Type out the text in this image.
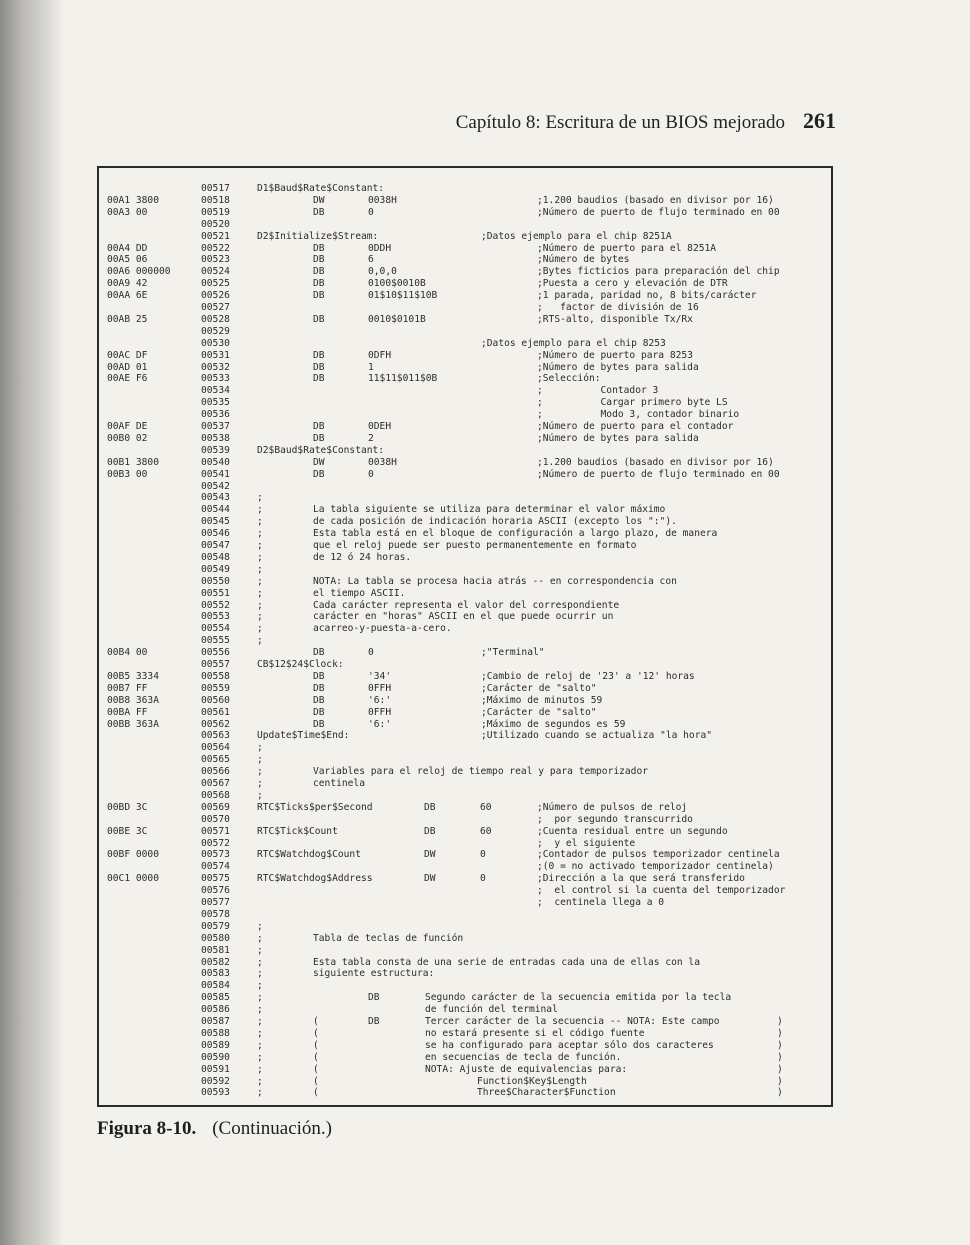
Capítulo 8: Escritura de un BIOS mejorado 261
00517	D1$Baud$Rate$Constant:
00A1 3800	00518	DW	0038H	;1.200 baudios (basado en divisor por 16)
00A3 00	00519	DB	0	;Número de puerto de flujo terminado en 00
00520
00521	D2$Initialize$Stream:	;Datos ejemplo para el chip 8251A
00A4 DD	00522	DB	0DDH	;Número de puerto para el 8251A
00A5 06	00523	DB	6	;Número de bytes
00A6 000000	00524	DB	0,0,0	;Bytes ficticios para preparación del chip
00A9 42	00525	DB	0100$0010B	;Puesta a cero y elevación de DTR
00AA 6E	00526	DB	01$10$11$10B	;1 parada, paridad no, 8 bits/carácter
00527	;   factor de división de 16
00AB 25	00528	DB	0010$0101B	;RTS-alto, disponible Tx/Rx
00529
00530	;Datos ejemplo para el chip 8253
00AC DF	00531	DB	0DFH	;Número de puerto para 8253
00AD 01	00532	DB	1	;Número de bytes para salida
00AE F6	00533	DB	11$11$011$0B	;Selección:
00534	;          Contador 3
00535	;          Cargar primero byte LS
00536	;          Modo 3, contador binario
00AF DE	00537	DB	0DEH	;Número de puerto para el contador
00B0 02	00538	DB	2	;Número de bytes para salida
00539	D2$Baud$Rate$Constant:
00B1 3800	00540	DW	0038H	;1.200 baudios (basado en divisor por 16)
00B3 00	00541	DB	0	;Número de puerto de flujo terminado en 00
00542
00543	;
00544	;	La tabla siguiente se utiliza para determinar el valor máximo
00545	;	de cada posición de indicación horaria ASCII (excepto los ":").
00546	;	Esta tabla está en el bloque de configuración a largo plazo, de manera
00547	;	que el reloj puede ser puesto permanentemente en formato
00548	;	de 12 ó 24 horas.
00549	;
00550	;	NOTA: La tabla se procesa hacia atrás -- en correspondencia con
00551	;	el tiempo ASCII.
00552	;	Cada carácter representa el valor del correspondiente
00553	;	carácter en "horas" ASCII en el que puede ocurrir un
00554	;	acarreo-y-puesta-a-cero.
00555	;
00B4 00	00556	DB	0	;"Terminal"
00557	CB$12$24$Clock:
00B5 3334	00558	DB	'34'	;Cambio de reloj de '23' a '12' horas
00B7 FF	00559	DB	0FFH	;Carácter de "salto"
00B8 363A	00560	DB	'6:'	;Máximo de minutos 59
00BA FF	00561	DB	0FFH	;Carácter de "salto"
00BB 363A	00562	DB	'6:'	;Máximo de segundos es 59
00563	Update$Time$End:	;Utilizado cuando se actualiza "la hora"
00564	;
00565	;
00566	;	Variables para el reloj de tiempo real y para temporizador
00567	;	centinela
00568	;
00BD 3C	00569	RTC$Ticks$per$Second	DB	60	;Número de pulsos de reloj
00570	;  por segundo transcurrido
00BE 3C	00571	RTC$Tick$Count	DB	60	;Cuenta residual entre un segundo
00572	;  y el siguiente
00BF 0000	00573	RTC$Watchdog$Count	DW	0	;Contador de pulsos temporizador centinela
00574	;(0 = no activado temporizador centinela)
00C1 0000	00575	RTC$Watchdog$Address	DW	0	;Dirección a la que será transferido
00576	;  el control si la cuenta del temporizador
00577	;  centinela llega a 0
00578
00579	;
00580	;	Tabla de teclas de función
00581	;
00582	;	Esta tabla consta de una serie de entradas cada una de ellas con la
00583	;	siguiente estructura:
00584	;
00585	;	DB	Segundo carácter de la secuencia emitida por la tecla
00586	;	de función del terminal
00587	;	(	DB	Tercer carácter de la secuencia -- NOTA: Este campo	)
00588	;	(	no estará presente si el código fuente	)
00589	;	(	se ha configurado para aceptar sólo dos caracteres	)
00590	;	(	en secuencias de tecla de función.	)
00591	;	(	NOTA: Ajuste de equivalencias para:	)
00592	;	(	Function$Key$Length	)
00593	;	(	Three$Character$Function	)
Figura 8-10. (Continuación.)
